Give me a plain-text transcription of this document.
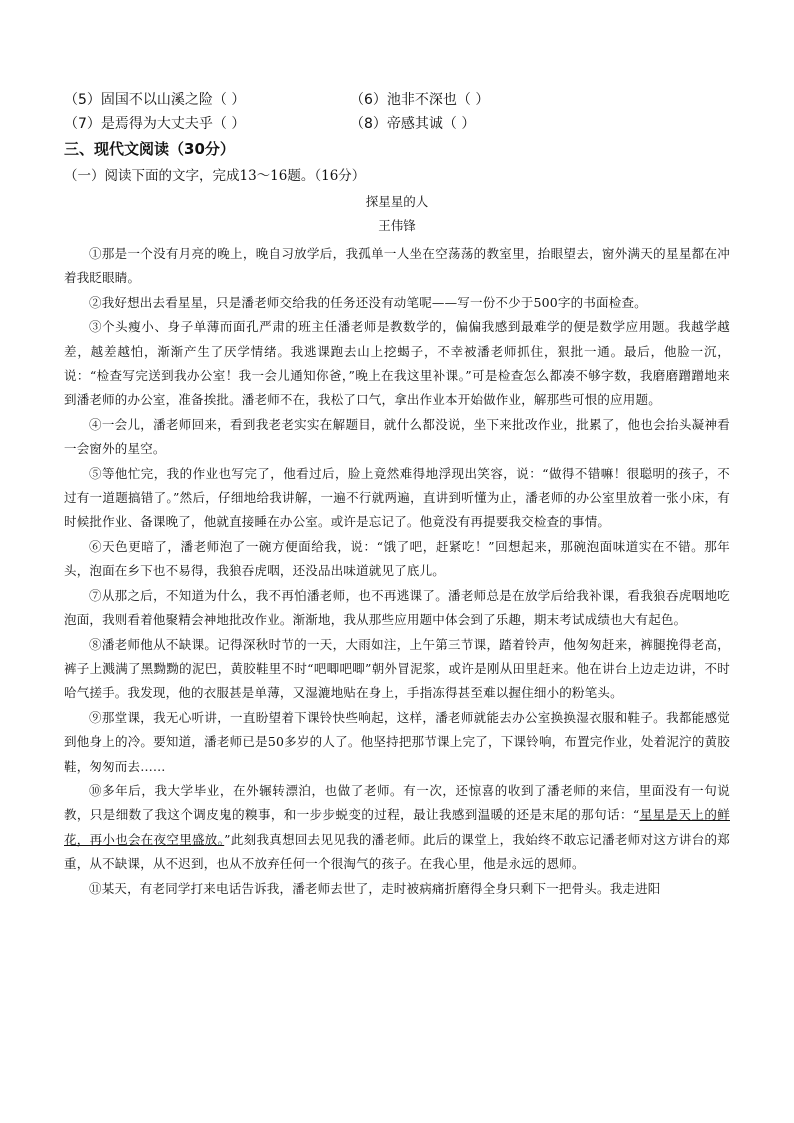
（5）固国不以山溪之险（ ）	（6）池非不深也（ ）
（7）是焉得为大丈夫乎（ ）	（8）帝感其诚（ ）
三、现代文阅读（30分）
（一）阅读下面的文字，完成13～16题。（16分）
探星星的人
王伟锋

①那是一个没有月亮的晚上，晚自习放学后，我孤单一人坐在空荡荡的教室里，抬眼望去，窗外满天的星星都在冲着我眨眼睛。

②我好想出去看星星，只是潘老师交给我的任务还没有动笔呢——写一份不少于500字的书面检查。

③个头瘦小、身子单薄而面孔严肃的班主任潘老师是教数学的，偏偏我感到最难学的便是数学应用题。我越学越差，越差越怕，渐渐产生了厌学情绪。我逃课跑去山上挖蝎子，不幸被潘老师抓住，狠批一通。最后，他脸一沉，说：“检查写完送到我办公室！我一会儿通知你爸，”晚上在我这里补课。”可是检查怎么都凑不够字数，我磨磨蹭蹭地来到潘老师的办公室，准备挨批。潘老师不在，我松了口气，拿出作业本开始做作业，解那些可恨的应用题。

④一会儿，潘老师回来，看到我老老实实在解题目，就什么都没说，坐下来批改作业，批累了，他也会抬头凝神看一会窗外的星空。

⑤等他忙完，我的作业也写完了，他看过后，脸上竟然难得地浮现出笑容，说：“做得不错嘛！很聪明的孩子，不过有一道题搞错了。”然后，仔细地给我讲解，一遍不行就两遍，直讲到听懂为止，潘老师的办公室里放着一张小床，有时候批作业、备课晚了，他就直接睡在办公室。或许是忘记了。他竟没有再提要我交检查的事情。

⑥天色更暗了，潘老师泡了一碗方便面给我，说：“饿了吧，赶紧吃！”回想起来，那碗泡面味道实在不错。那年头，泡面在乡下也不易得，我狼吞虎咽，还没品出味道就见了底儿。

⑦从那之后，不知道为什么，我不再怕潘老师，也不再逃课了。潘老师总是在放学后给我补课，看我狼吞虎咽地吃泡面，我则看着他聚精会神地批改作业。渐渐地，我从那些应用题中体会到了乐趣，期末考试成绩也大有起色。

⑧潘老师他从不缺课。记得深秋时节的一天，大雨如注，上午第三节课，踏着铃声，他匆匆赶来，裤腿挽得老高，裤子上溅满了黑黝黝的泥巴，黄胶鞋里不时“吧唧吧唧”朝外冒泥浆，或许是刚从田里赶来。他在讲台上边走边讲，不时哈气搓手。我发现，他的衣服甚是单薄，又湿漉地贴在身上，手指冻得甚至难以握住细小的粉笔头。

⑨那堂课，我无心听讲，一直盼望着下课铃快些响起，这样，潘老师就能去办公室换换湿衣服和鞋子。我都能感觉到他身上的冷。要知道，潘老师已是50多岁的人了。他坚持把那节课上完了，下课铃响，布置完作业，处着泥泞的黄胶鞋，匆匆而去……

⑩多年后，我大学毕业，在外辗转漂泊，也做了老师。有一次，还惊喜的收到了潘老师的来信，里面没有一句说教，只是细数了我这个调皮鬼的糗事，和一步步蜕变的过程，最让我感到温暖的还是末尾的那句话：“星星是天上的鲜花，再小也会在夜空里盛放。”此刻我真想回去见见我的潘老师。此后的课堂上，我始终不敢忘记潘老师对这方讲台的郑重，从不缺课，从不迟到，也从不放弃任何一个很淘气的孩子。在我心里，他是永远的恩师。

⑪某天，有老同学打来电话告诉我，潘老师去世了，走时被病痛折磨得全身只剩下一把骨头。我走进阳
